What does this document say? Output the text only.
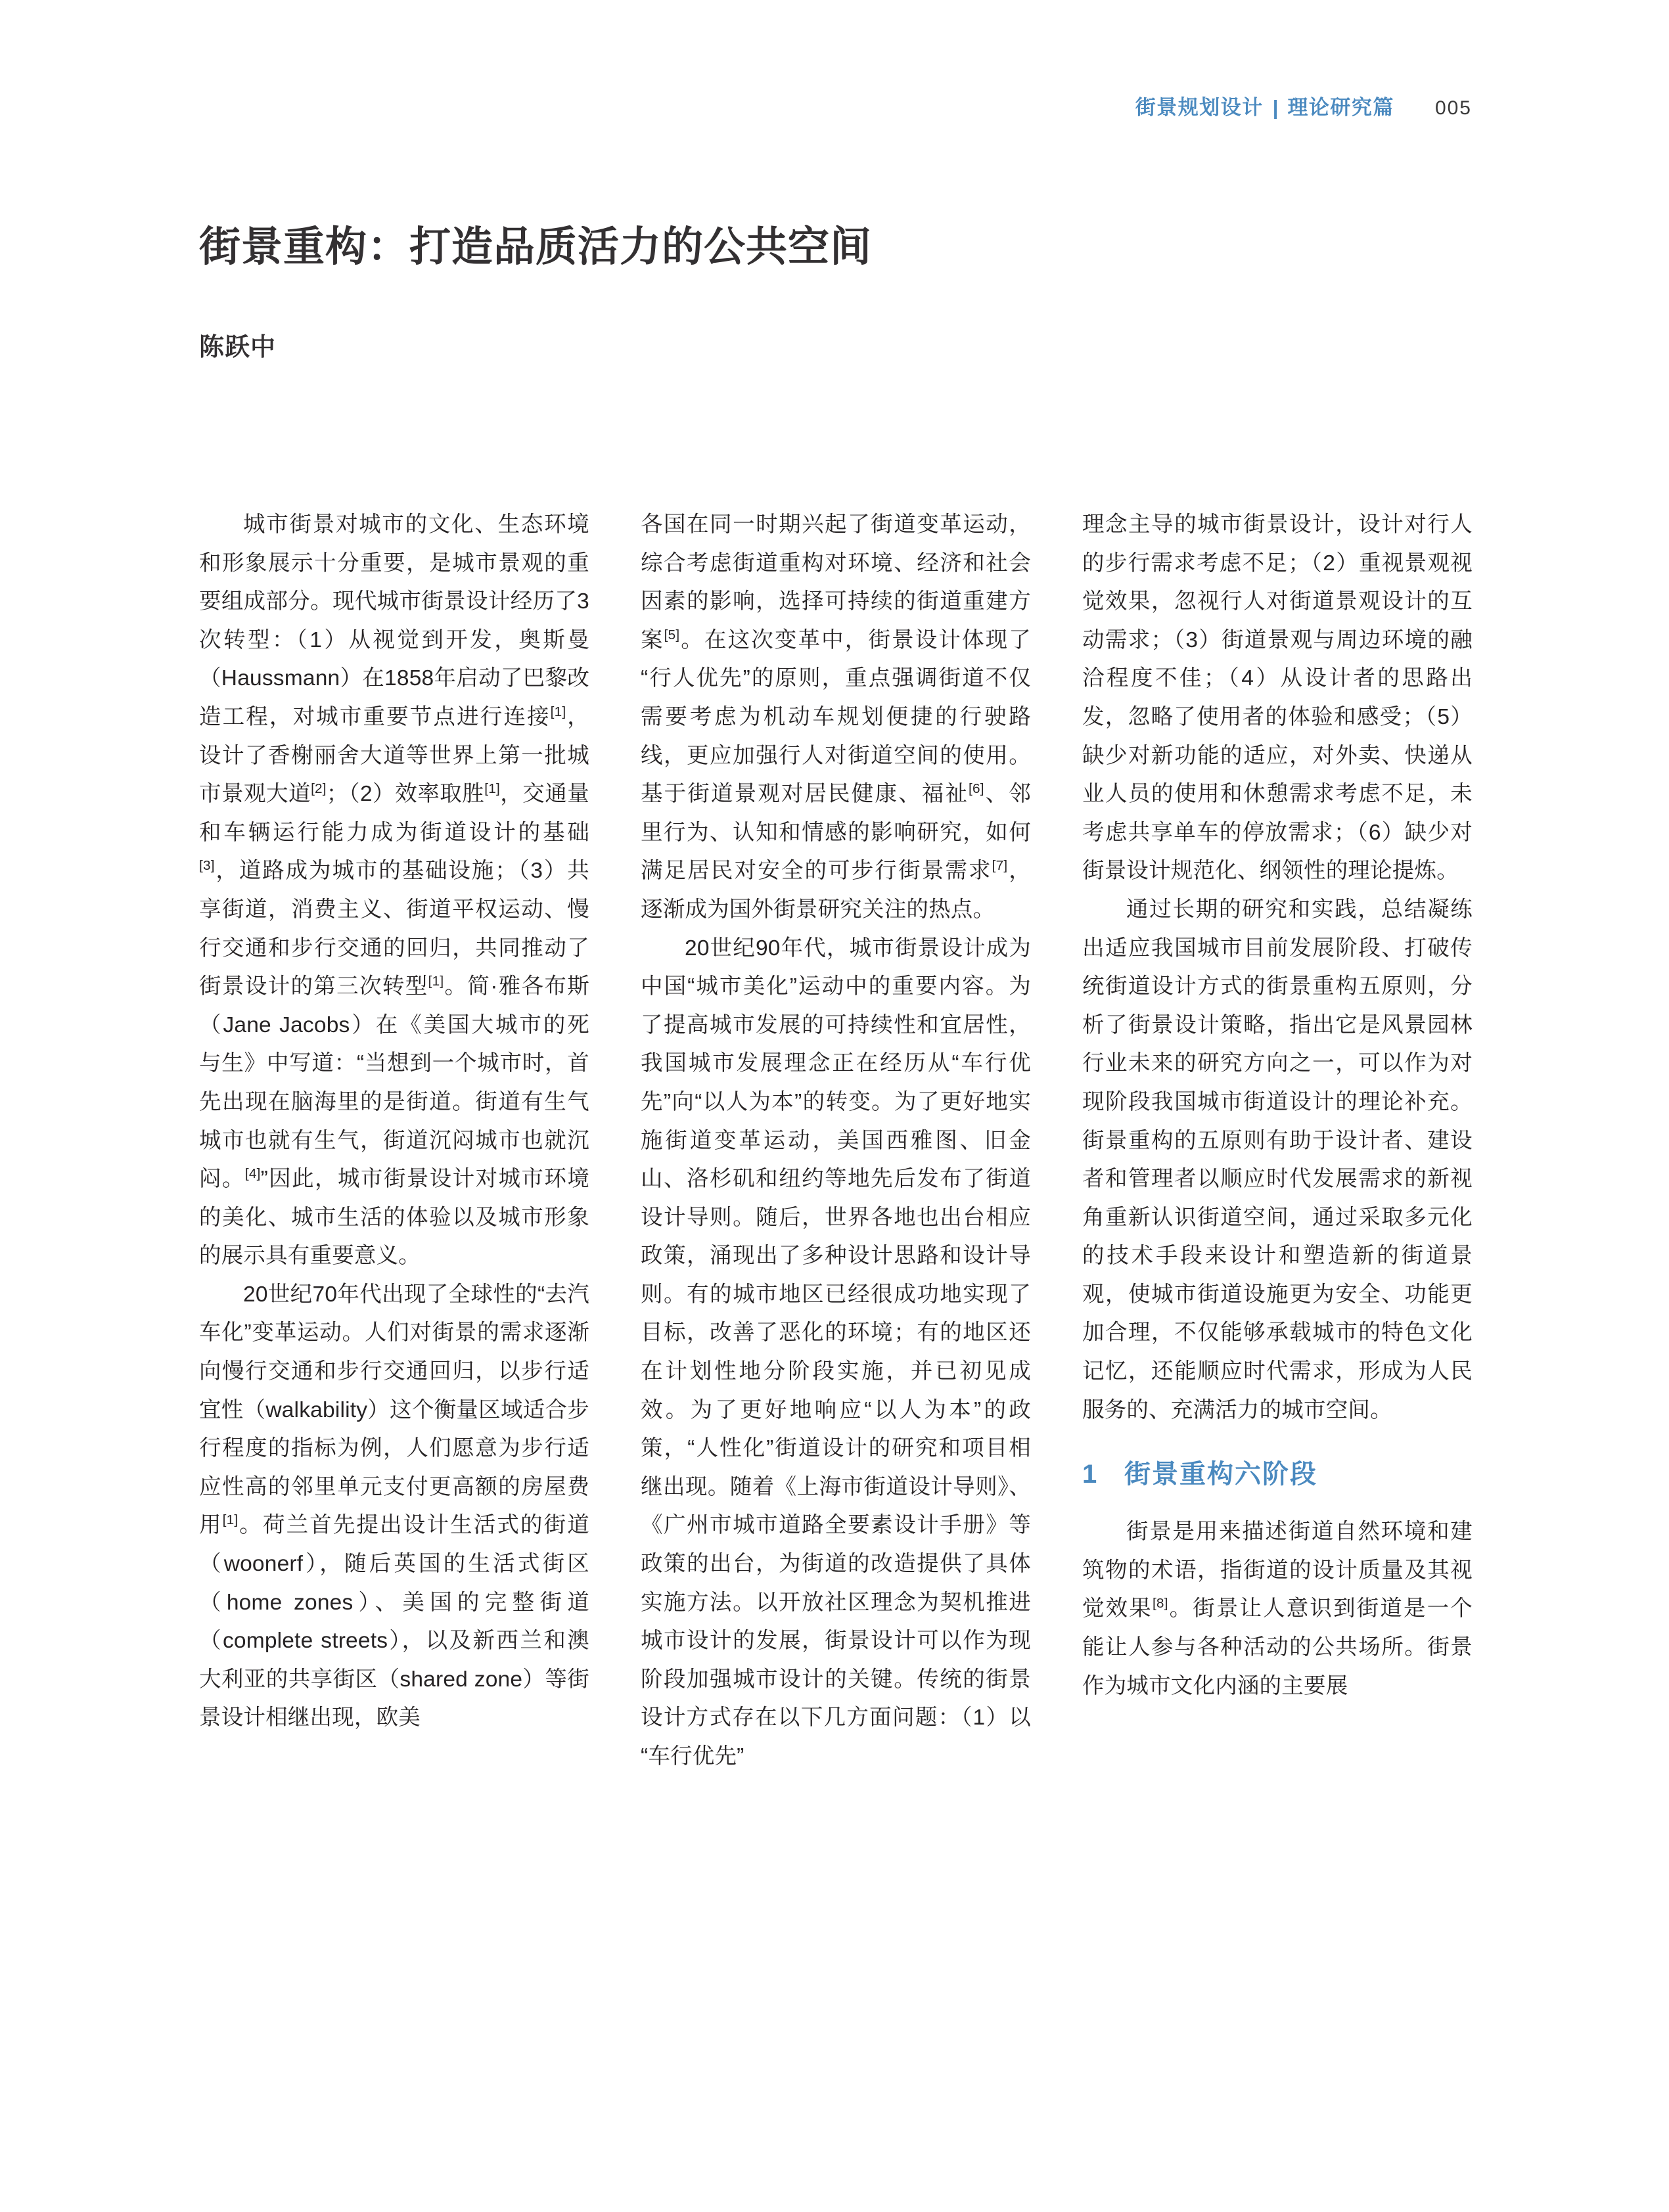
街景规划设计 | 理论研究篇 005
街景重构：打造品质活力的公共空间
陈跃中

城市街景对城市的文化、生态环境和形象展示十分重要，是城市景观的重要组成部分。现代城市街景设计经历了3次转型：（1）从视觉到开发，奥斯曼（Haussmann）在1858年启动了巴黎改造工程，对城市重要节点进行连接[1]，设计了香榭丽舍大道等世界上第一批城市景观大道[2]；（2）效率取胜[1]，交通量和车辆运行能力成为街道设计的基础[3]，道路成为城市的基础设施；（3）共享街道，消费主义、街道平权运动、慢行交通和步行交通的回归，共同推动了街景设计的第三次转型[1]。简·雅各布斯（Jane Jacobs）在《美国大城市的死与生》中写道：“当想到一个城市时，首先出现在脑海里的是街道。街道有生气城市也就有生气，街道沉闷城市也就沉闷。[4]”因此，城市街景设计对城市环境的美化、城市生活的体验以及城市形象的展示具有重要意义。

20世纪70年代出现了全球性的“去汽车化”变革运动。人们对街景的需求逐渐向慢行交通和步行交通回归，以步行适宜性（walkability）这个衡量区域适合步行程度的指标为例，人们愿意为步行适应性高的邻里单元支付更高额的房屋费用[1]。荷兰首先提出设计生活式的街道（woonerf），随后英国的生活式街区（home zones）、美国的完整街道（complete streets），以及新西兰和澳大利亚的共享街区（shared zone）等街景设计相继出现，欧美

各国在同一时期兴起了街道变革运动，综合考虑街道重构对环境、经济和社会因素的影响，选择可持续的街道重建方案[5]。在这次变革中，街景设计体现了“行人优先”的原则，重点强调街道不仅需要考虑为机动车规划便捷的行驶路线，更应加强行人对街道空间的使用。基于街道景观对居民健康、福祉[6]、邻里行为、认知和情感的影响研究，如何满足居民对安全的可步行街景需求[7]，逐渐成为国外街景研究关注的热点。

20世纪90年代，城市街景设计成为中国“城市美化”运动中的重要内容。为了提高城市发展的可持续性和宜居性，我国城市发展理念正在经历从“车行优先”向“以人为本”的转变。为了更好地实施街道变革运动，美国西雅图、旧金山、洛杉矶和纽约等地先后发布了街道设计导则。随后，世界各地也出台相应政策，涌现出了多种设计思路和设计导则。有的城市地区已经很成功地实现了目标，改善了恶化的环境；有的地区还在计划性地分阶段实施，并已初见成效。为了更好地响应“以人为本”的政策，“人性化”街道设计的研究和项目相继出现。随着《上海市街道设计导则》、《广州市城市道路全要素设计手册》等政策的出台，为街道的改造提供了具体实施方法。以开放社区理念为契机推进城市设计的发展，街景设计可以作为现阶段加强城市设计的关键。传统的街景设计方式存在以下几方面问题：（1）以“车行优先”

理念主导的城市街景设计，设计对行人的步行需求考虑不足；（2）重视景观视觉效果，忽视行人对街道景观设计的互动需求；（3）街道景观与周边环境的融洽程度不佳；（4）从设计者的思路出发，忽略了使用者的体验和感受；（5）缺少对新功能的适应，对外卖、快递从业人员的使用和休憩需求考虑不足，未考虑共享单车的停放需求；（6）缺少对街景设计规范化、纲领性的理论提炼。

通过长期的研究和实践，总结凝练出适应我国城市目前发展阶段、打破传统街道设计方式的街景重构五原则，分析了街景设计策略，指出它是风景园林行业未来的研究方向之一，可以作为对现阶段我国城市街道设计的理论补充。街景重构的五原则有助于设计者、建设者和管理者以顺应时代发展需求的新视角重新认识街道空间，通过采取多元化的技术手段来设计和塑造新的街道景观，使城市街道设施更为安全、功能更加合理，不仅能够承载城市的特色文化记忆，还能顺应时代需求，形成为人民服务的、充满活力的城市空间。

1	街景重构六阶段

街景是用来描述街道自然环境和建筑物的术语，指街道的设计质量及其视觉效果[8]。街景让人意识到街道是一个能让人参与各种活动的公共场所。街景作为城市文化内涵的主要展
